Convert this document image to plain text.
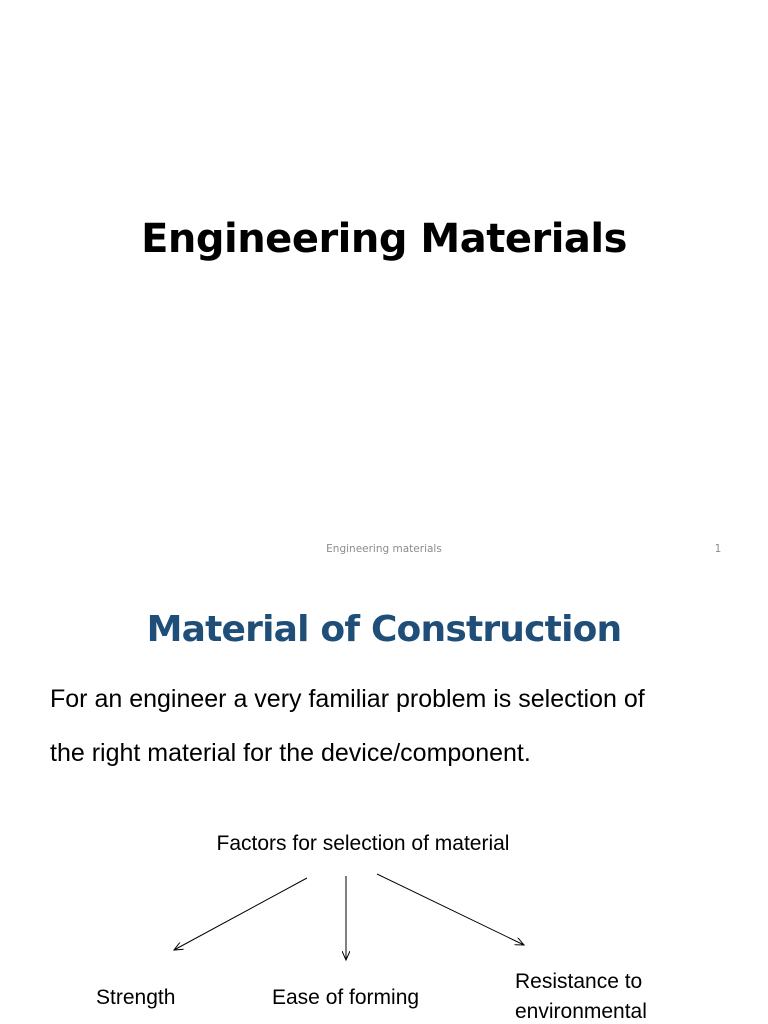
Engineering Materials
Engineering materials	1
Material of Construction

For an engineer a very familiar problem is selection of
the right material for the device/component.

Factors for selection of material
Strength	Ease of forming
Resistance to environmental
